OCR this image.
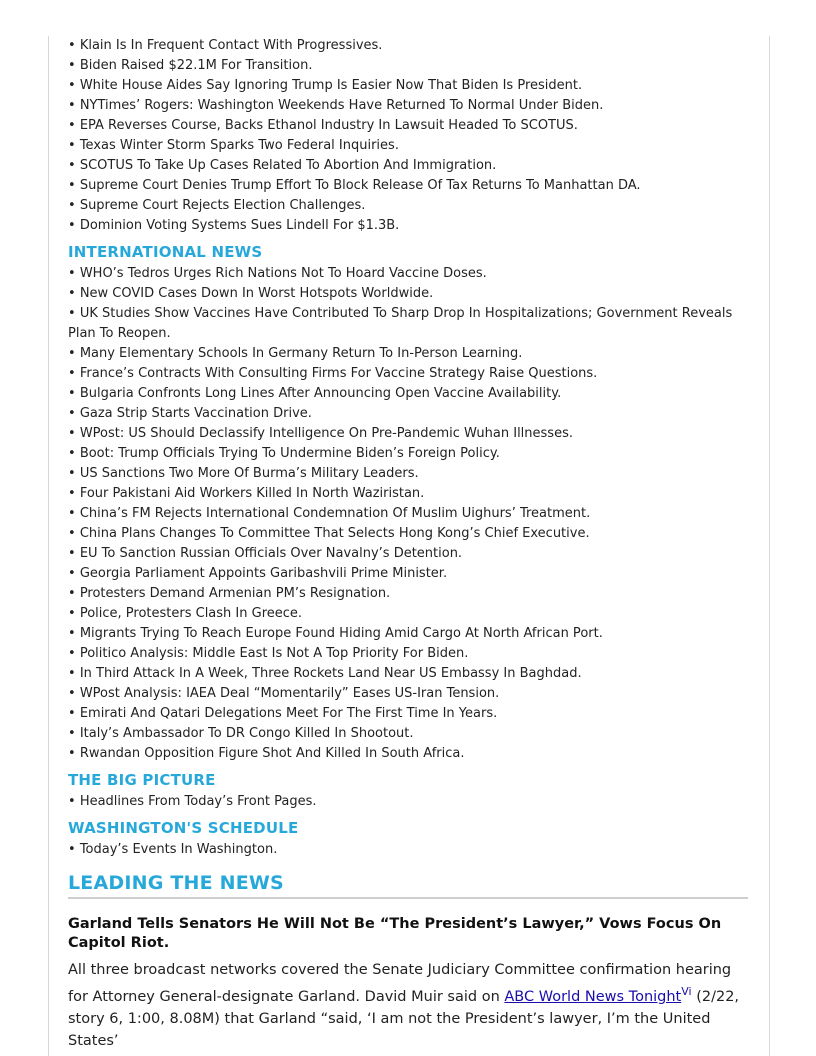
• Klain Is In Frequent Contact With Progressives.
• Biden Raised $22.1M For Transition.
• White House Aides Say Ignoring Trump Is Easier Now That Biden Is President.
• NYTimes’ Rogers: Washington Weekends Have Returned To Normal Under Biden.
• EPA Reverses Course, Backs Ethanol Industry In Lawsuit Headed To SCOTUS.
• Texas Winter Storm Sparks Two Federal Inquiries.
• SCOTUS To Take Up Cases Related To Abortion And Immigration.
• Supreme Court Denies Trump Effort To Block Release Of Tax Returns To Manhattan DA.
• Supreme Court Rejects Election Challenges.
• Dominion Voting Systems Sues Lindell For $1.3B.
INTERNATIONAL NEWS
• WHO’s Tedros Urges Rich Nations Not To Hoard Vaccine Doses.
• New COVID Cases Down In Worst Hotspots Worldwide.
• UK Studies Show Vaccines Have Contributed To Sharp Drop In Hospitalizations; Government Reveals Plan To Reopen.
• Many Elementary Schools In Germany Return To In-Person Learning.
• France’s Contracts With Consulting Firms For Vaccine Strategy Raise Questions.
• Bulgaria Confronts Long Lines After Announcing Open Vaccine Availability.
• Gaza Strip Starts Vaccination Drive.
• WPost: US Should Declassify Intelligence On Pre-Pandemic Wuhan Illnesses.
• Boot: Trump Officials Trying To Undermine Biden’s Foreign Policy.
• US Sanctions Two More Of Burma’s Military Leaders.
• Four Pakistani Aid Workers Killed In North Waziristan.
• China’s FM Rejects International Condemnation Of Muslim Uighurs’ Treatment.
• China Plans Changes To Committee That Selects Hong Kong’s Chief Executive.
• EU To Sanction Russian Officials Over Navalny’s Detention.
• Georgia Parliament Appoints Garibashvili Prime Minister.
• Protesters Demand Armenian PM’s Resignation.
• Police, Protesters Clash In Greece.
• Migrants Trying To Reach Europe Found Hiding Amid Cargo At North African Port.
• Politico Analysis: Middle East Is Not A Top Priority For Biden.
• In Third Attack In A Week, Three Rockets Land Near US Embassy In Baghdad.
• WPost Analysis: IAEA Deal “Momentarily” Eases US-Iran Tension.
• Emirati And Qatari Delegations Meet For The First Time In Years.
• Italy’s Ambassador To DR Congo Killed In Shootout.
• Rwandan Opposition Figure Shot And Killed In South Africa.
THE BIG PICTURE
• Headlines From Today’s Front Pages.
WASHINGTON'S SCHEDULE
• Today’s Events In Washington.
LEADING THE NEWS
Garland Tells Senators He Will Not Be “The President’s Lawyer,” Vows Focus On Capitol Riot.

All three broadcast networks covered the Senate Judiciary Committee confirmation hearing for Attorney General-designate Garland. David Muir said on ABC World News Tonight$^{Vi}$ (2/22, story 6, 1:00, 8.08M) that Garland “said, ‘I am not the President’s lawyer, I’m the United States’
